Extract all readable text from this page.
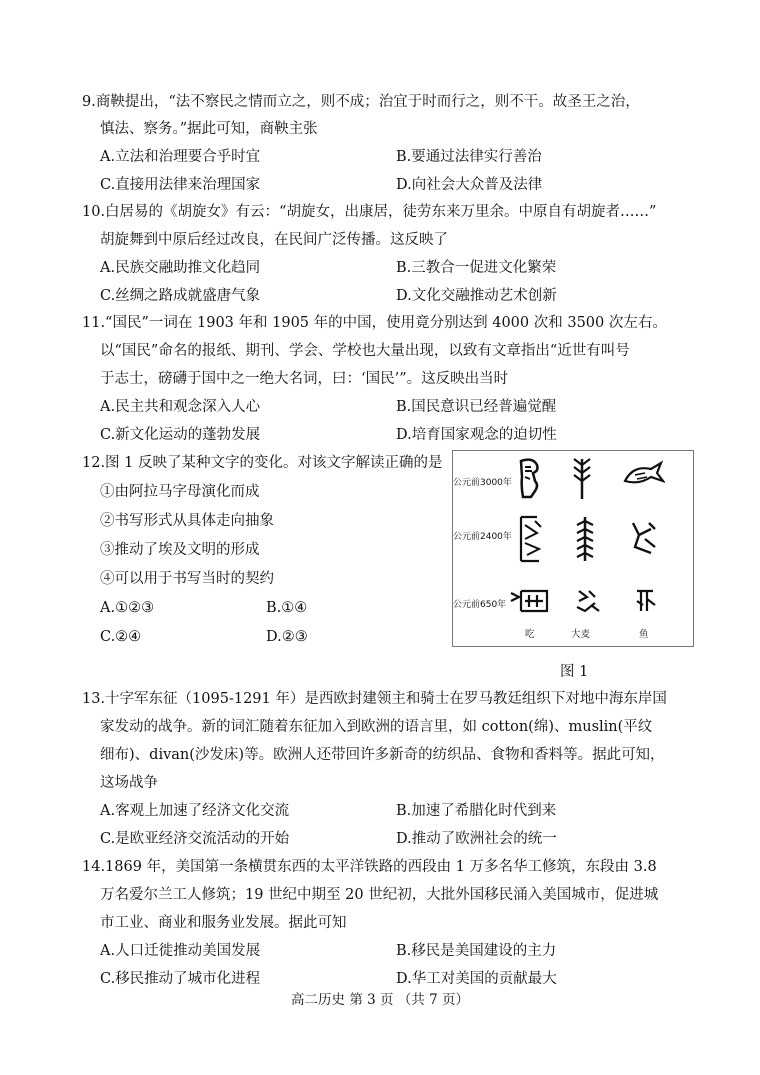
9.商鞅提出，“法不察民之情而立之，则不成；治宜于时而行之，则不干。故圣王之治，
慎法、察务。”据此可知，商鞅主张
A.立法和治理要合乎时宜	B.要通过法律实行善治
C.直接用法律来治理国家	D.向社会大众普及法律
10.白居易的《胡旋女》有云：“胡旋女，出康居，徒劳东来万里余。中原自有胡旋者……”
胡旋舞到中原后经过改良，在民间广泛传播。这反映了
A.民族交融助推文化趋同	B.三教合一促进文化繁荣
C.丝绸之路成就盛唐气象	D.文化交融推动艺术创新
11.“国民”一词在 1903 年和 1905 年的中国，使用竟分别达到 4000 次和 3500 次左右。
以“国民”命名的报纸、期刊、学会、学校也大量出现，以致有文章指出“近世有叫号
于志士，磅礴于国中之一绝大名词，曰：‘国民’”。这反映出当时
A.民主共和观念深入人心	B.国民意识已经普遍觉醒
C.新文化运动的蓬勃发展	D.培育国家观念的迫切性
12.图 1 反映了某种文字的变化。对该文字解读正确的是
①由阿拉马字母演化而成
②书写形式从具体走向抽象
③推动了埃及文明的形成
④可以用于书写当时的契约
A.①②③	B.①④
C.②④	D.②③
公元前3000年
公元前2400年
公元前650年
吃	大麦	鱼
图 1
13.十字军东征（1095-1291 年）是西欧封建领主和骑士在罗马教廷组织下对地中海东岸国
家发动的战争。新的词汇随着东征加入到欧洲的语言里，如 cotton(绵)、muslin(平纹
细布)、divan(沙发床)等。欧洲人还带回许多新奇的纺织品、食物和香料等。据此可知，
这场战争
A.客观上加速了经济文化交流	B.加速了希腊化时代到来
C.是欧亚经济交流活动的开始	D.推动了欧洲社会的统一
14.1869 年，美国第一条横贯东西的太平洋铁路的西段由 1 万多名华工修筑，东段由 3.8
万名爱尔兰工人修筑；19 世纪中期至 20 世纪初，大批外国移民涌入美国城市，促进城
市工业、商业和服务业发展。据此可知
A.人口迁徙推动美国发展	B.移民是美国建设的主力
C.移民推动了城市化进程	D.华工对美国的贡献最大
高二历史 第 3 页 （共 7 页）
